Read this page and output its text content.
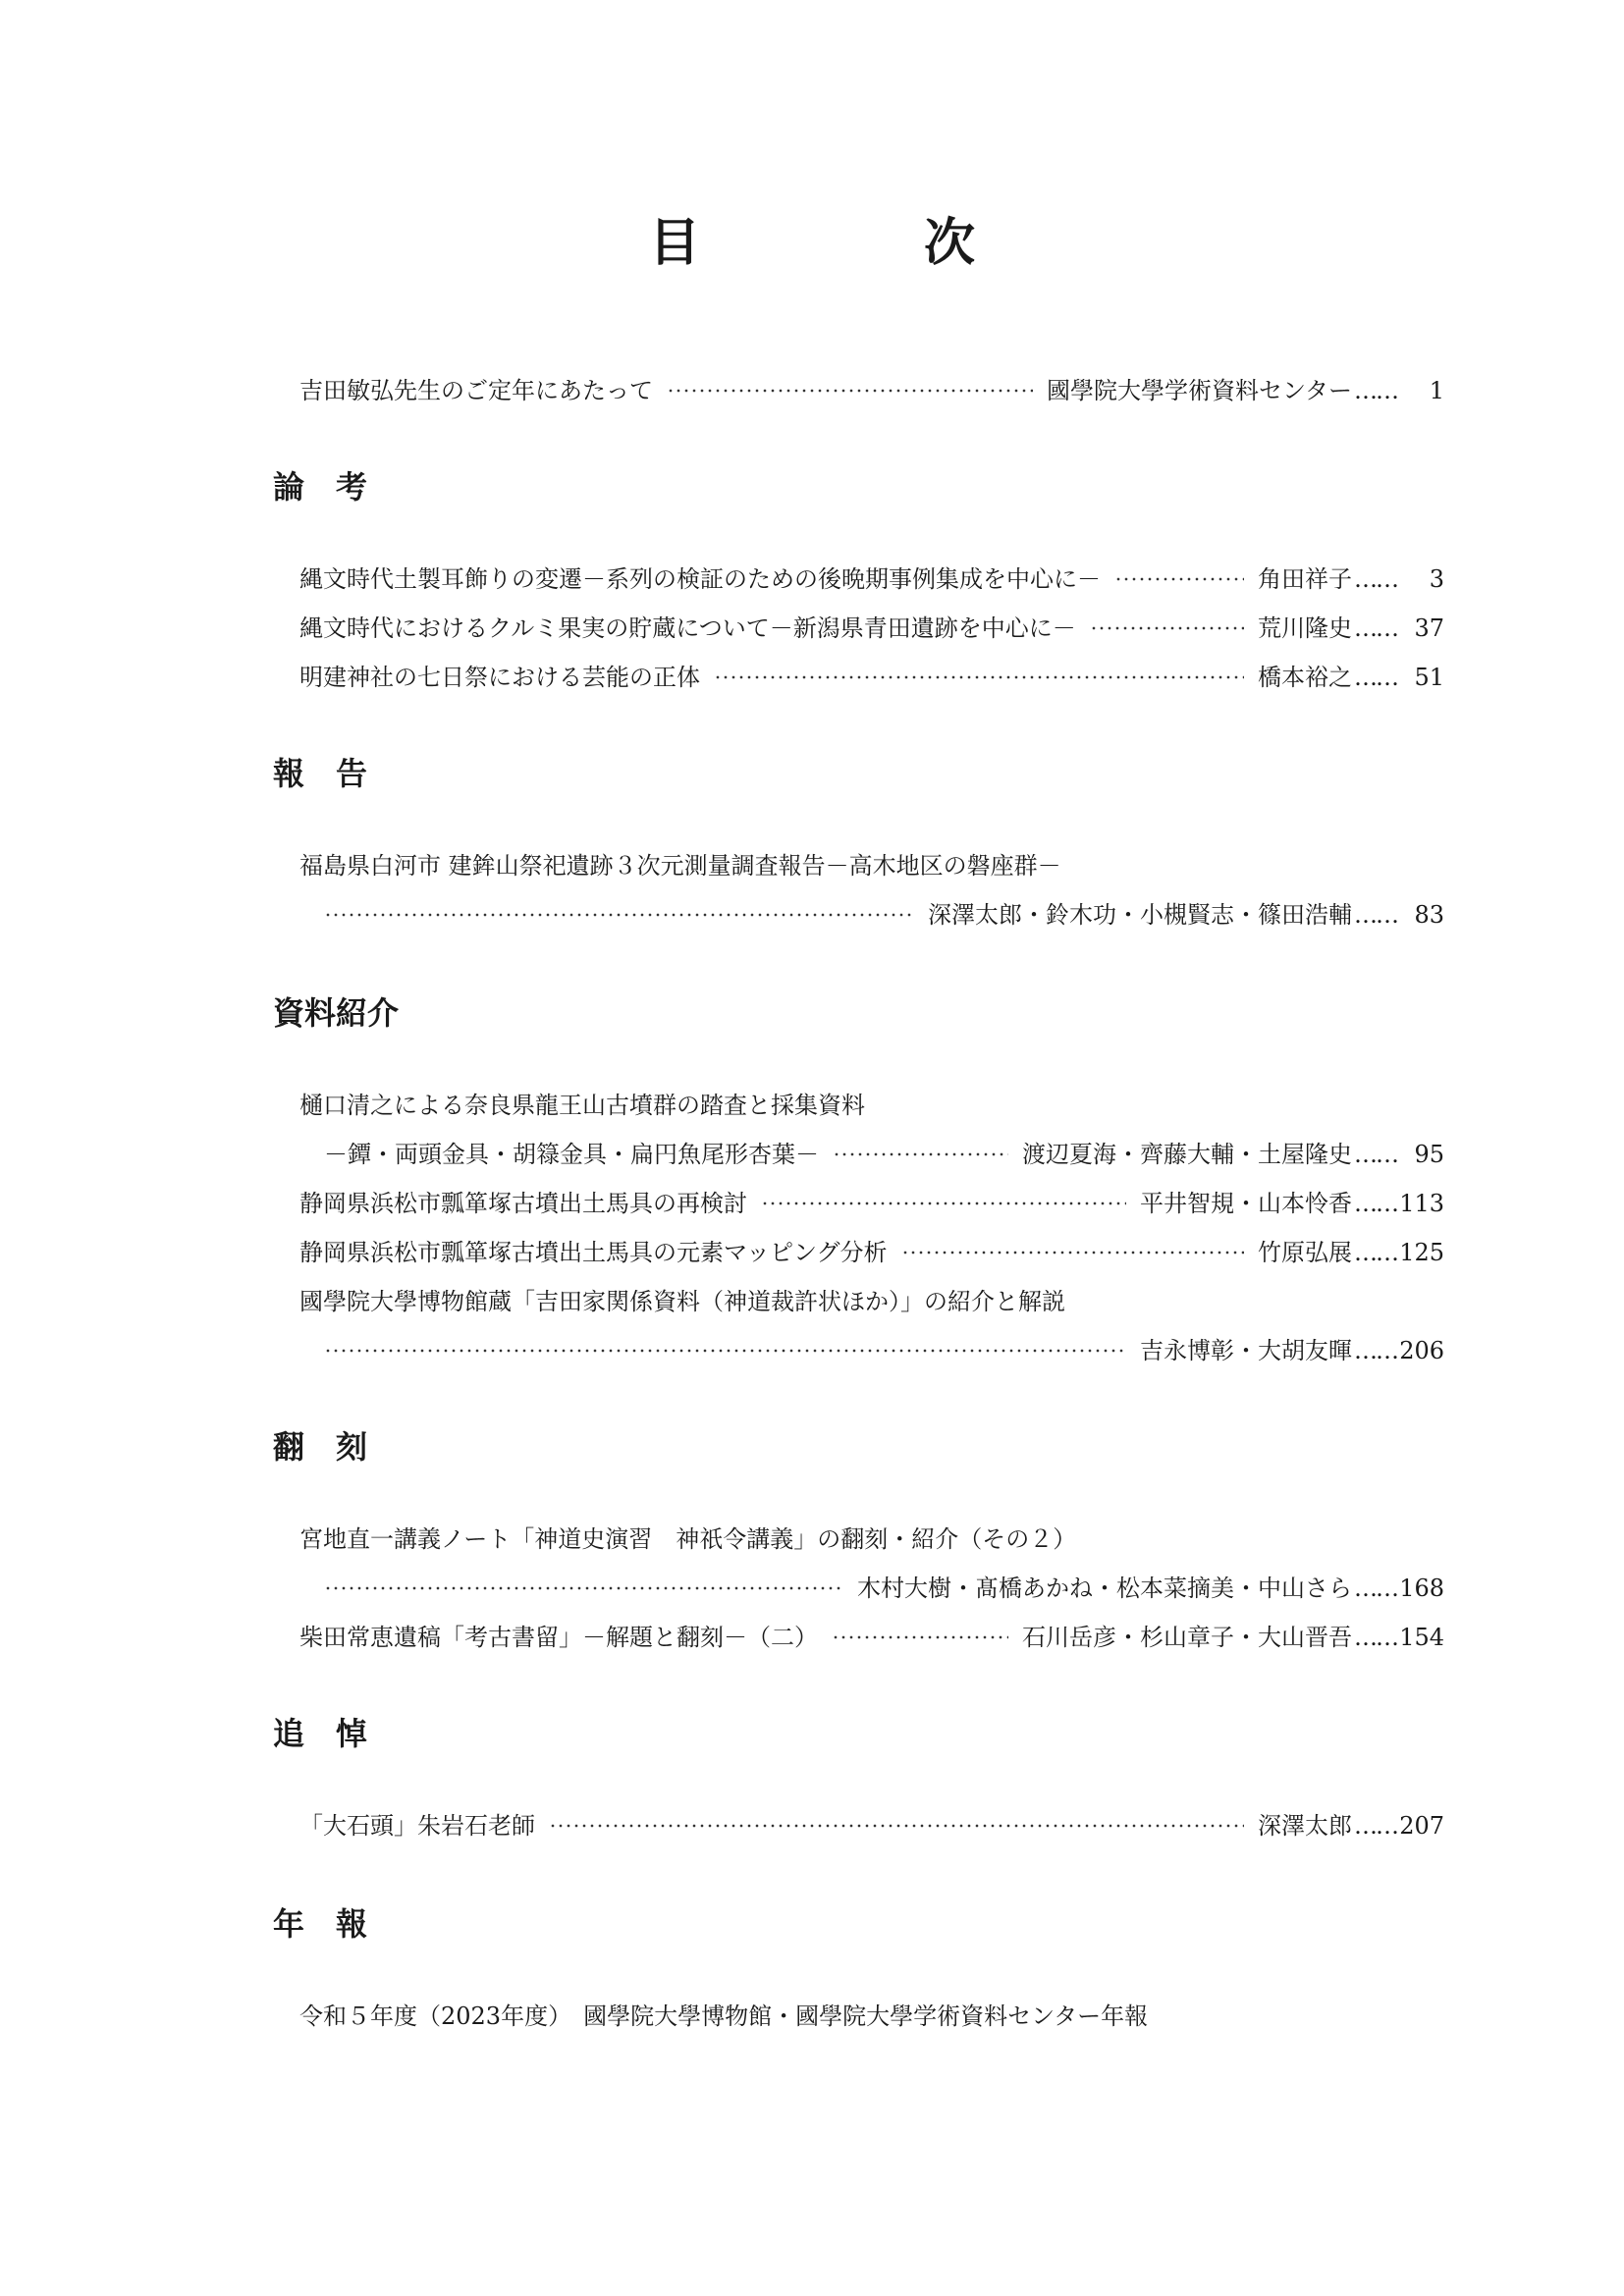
目　次
吉田敏弘先生のご定年にあたって	國學院大學学術資料センター ……	1
論　考
縄文時代土製耳飾りの変遷－系列の検証のための後晩期事例集成を中心に－	角田祥子 ……	3
縄文時代におけるクルミ果実の貯蔵について－新潟県青田遺跡を中心に－	荒川隆史 ……	37
明建神社の七日祭における芸能の正体	橋本裕之 ……	51
報　告
福島県白河市 建鉾山祭祀遺跡３次元測量調査報告－高木地区の磐座群－
深澤太郎・鈴木功・小槻賢志・篠田浩輔 ……	83
資料紹介
樋口清之による奈良県龍王山古墳群の踏査と採集資料
－鐔・両頭金具・胡簶金具・扁円魚尾形杏葉－	渡辺夏海・齊藤大輔・土屋隆史 ……	95
静岡県浜松市瓢箪塚古墳出土馬具の再検討	平井智規・山本怜香 ……	113
静岡県浜松市瓢箪塚古墳出土馬具の元素マッピング分析	竹原弘展 ……	125
國學院大學博物館蔵「吉田家関係資料（神道裁許状ほか）」の紹介と解説
吉永博彰・大胡友暉 ……	206
翻　刻
宮地直一講義ノート「神道史演習　神祇令講義」の翻刻・紹介（その２）
木村大樹・髙橋あかね・松本菜摘美・中山さら ……	168
柴田常恵遺稿「考古書留」－解題と翻刻－（二）	石川岳彦・杉山章子・大山晋吾 ……	154
追　悼
「大石頭」朱岩石老師	深澤太郎 ……	207
年　報
令和５年度（2023年度）　國學院大學博物館・國學院大學学術資料センター年報
